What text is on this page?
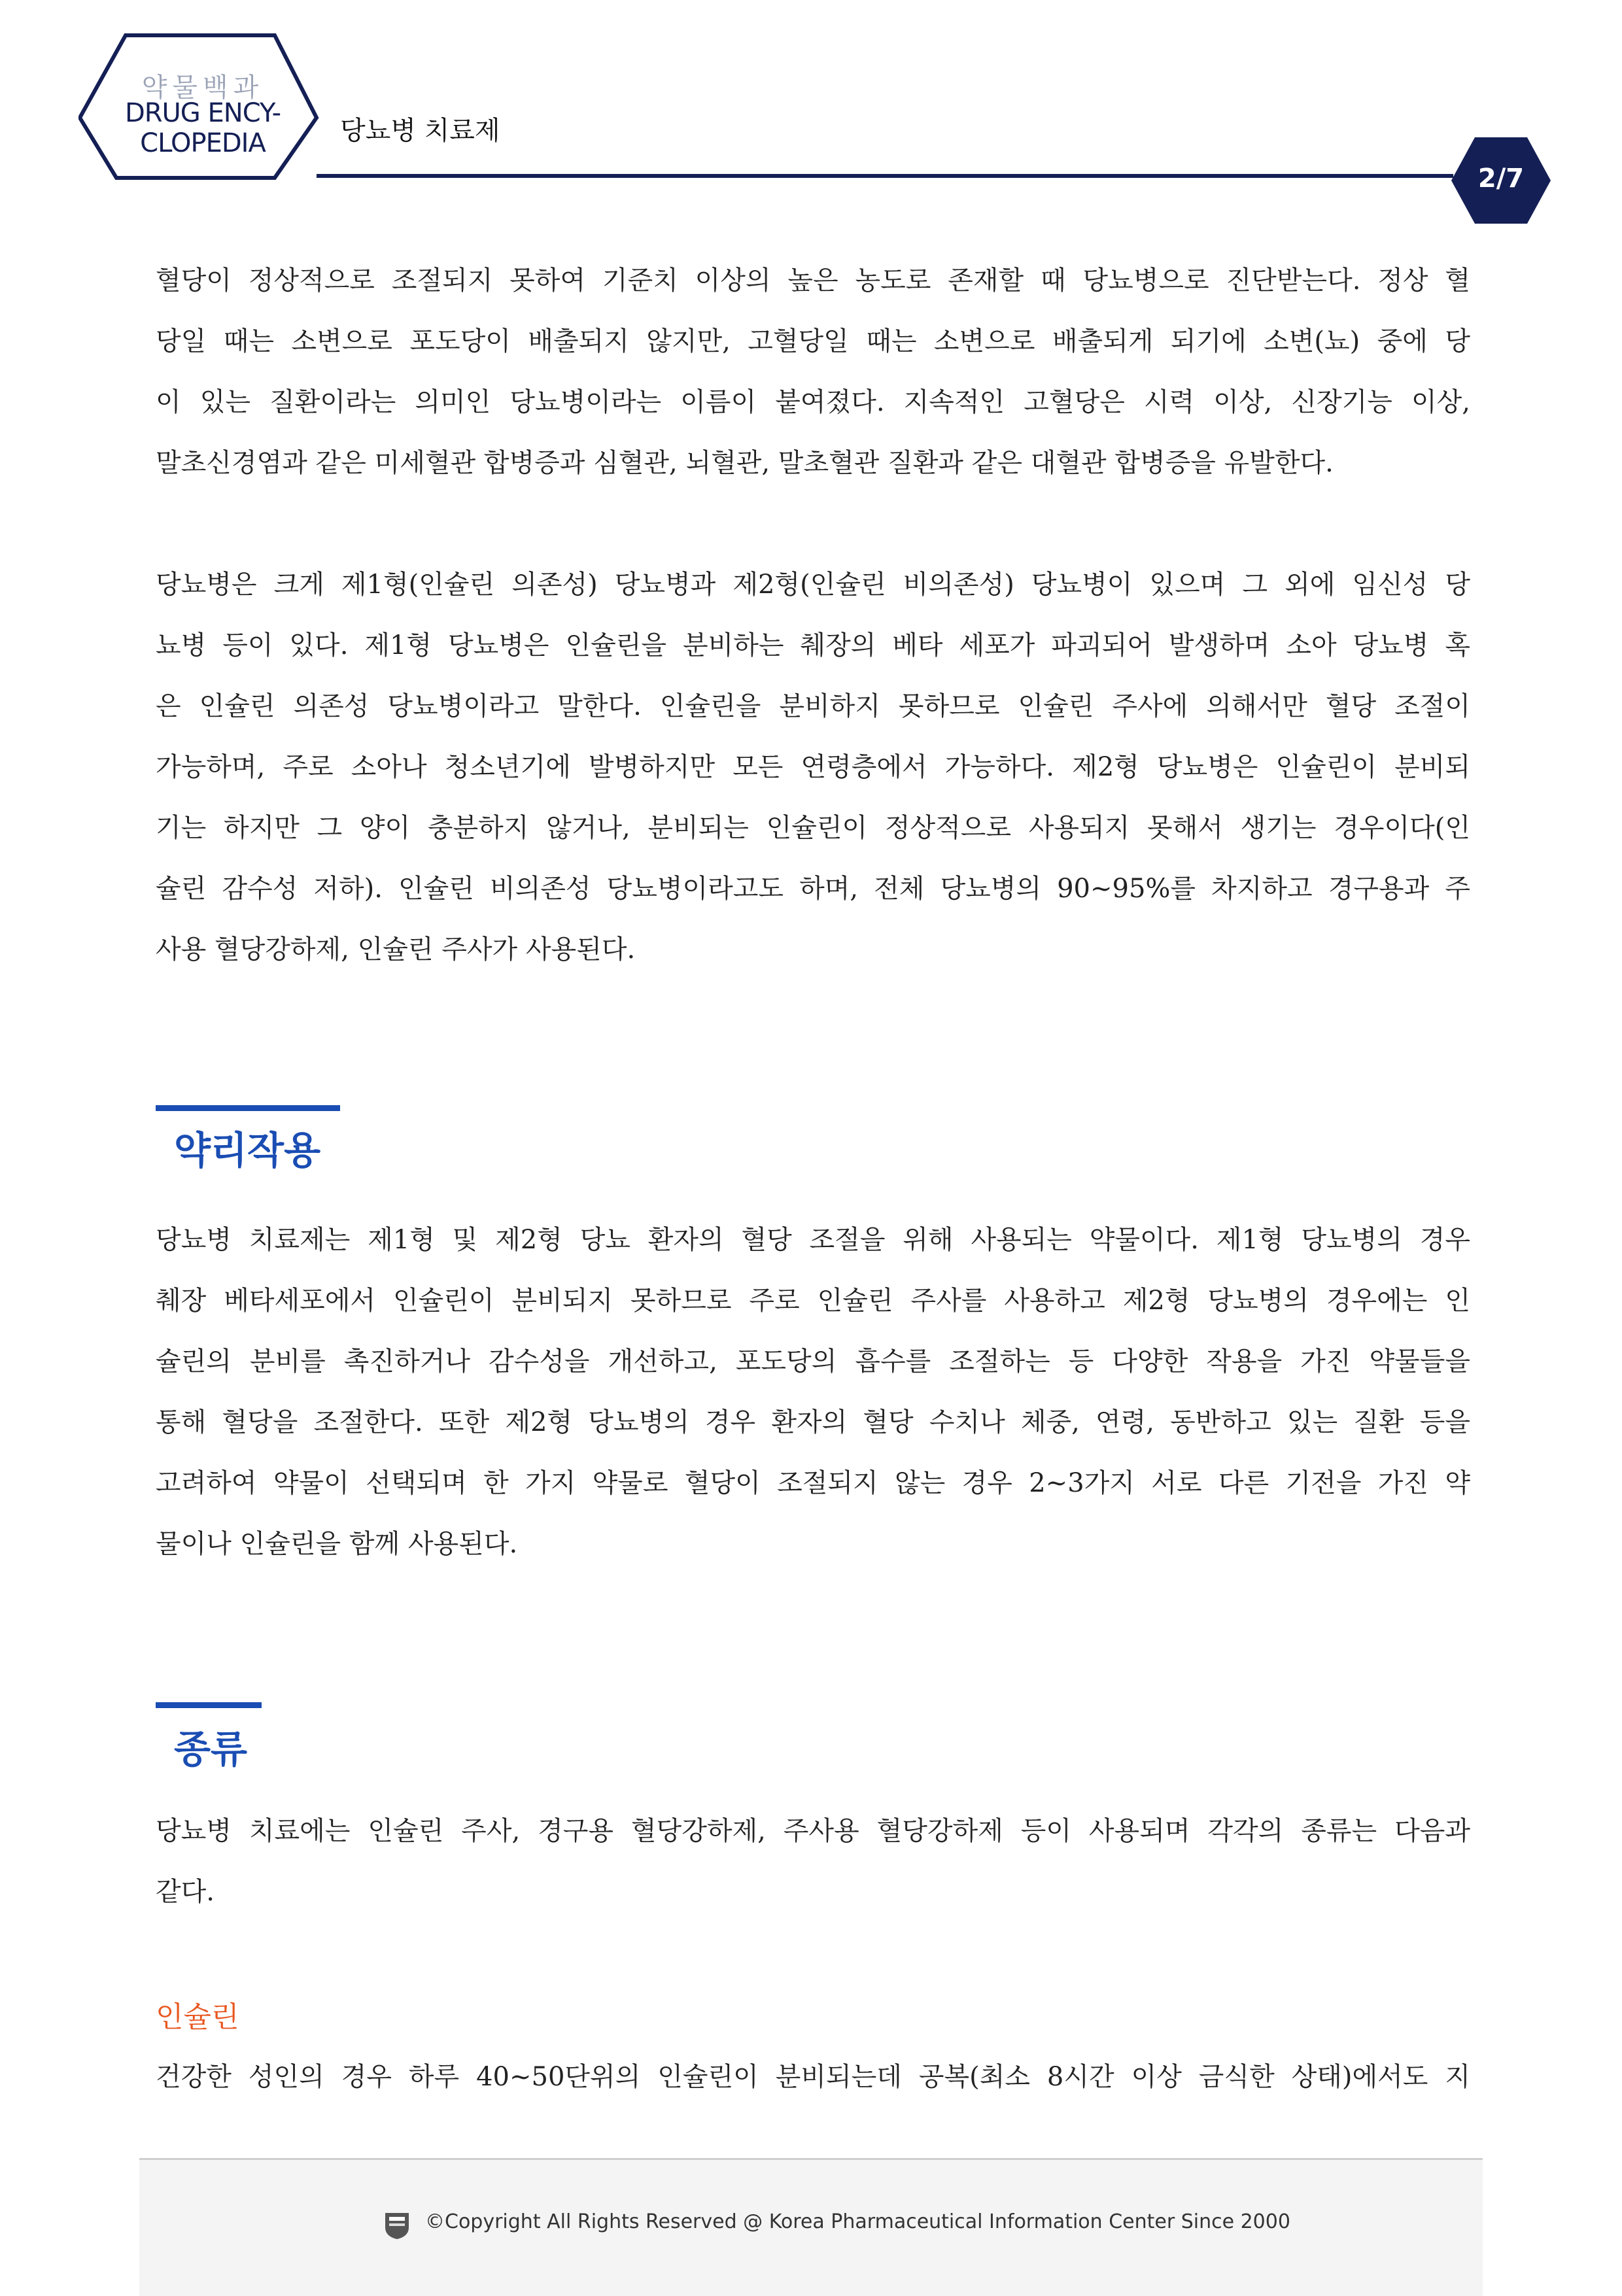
약물백과
DRUG ENCY-
CLOPEDIA	당뇨병 치료제
2/7
혈당이 정상적으로 조절되지 못하여 기준치 이상의 높은 농도로 존재할 때 당뇨병으로 진단받는다. 정상 혈
당일 때는 소변으로 포도당이 배출되지 않지만, 고혈당일 때는 소변으로 배출되게 되기에 소변(뇨) 중에 당
이 있는 질환이라는 의미인 당뇨병이라는 이름이 붙여졌다. 지속적인 고혈당은 시력 이상, 신장기능 이상,
말초신경염과 같은 미세혈관 합병증과 심혈관, 뇌혈관, 말초혈관 질환과 같은 대혈관 합병증을 유발한다.
당뇨병은 크게 제1형(인슐린 의존성) 당뇨병과 제2형(인슐린 비의존성) 당뇨병이 있으며 그 외에 임신성 당
뇨병 등이 있다. 제1형 당뇨병은 인슐린을 분비하는 췌장의 베타 세포가 파괴되어 발생하며 소아 당뇨병 혹
은 인슐린 의존성 당뇨병이라고 말한다. 인슐린을 분비하지 못하므로 인슐린 주사에 의해서만 혈당 조절이
가능하며, 주로 소아나 청소년기에 발병하지만 모든 연령층에서 가능하다. 제2형 당뇨병은 인슐린이 분비되
기는 하지만 그 양이 충분하지 않거나, 분비되는 인슐린이 정상적으로 사용되지 못해서 생기는 경우이다(인
슐린 감수성 저하). 인슐린 비의존성 당뇨병이라고도 하며, 전체 당뇨병의 90~95%를 차지하고 경구용과 주
사용 혈당강하제, 인슐린 주사가 사용된다.
약리작용
당뇨병 치료제는 제1형 및 제2형 당뇨 환자의 혈당 조절을 위해 사용되는 약물이다. 제1형 당뇨병의 경우
췌장 베타세포에서 인슐린이 분비되지 못하므로 주로 인슐린 주사를 사용하고 제2형 당뇨병의 경우에는 인
슐린의 분비를 촉진하거나 감수성을 개선하고, 포도당의 흡수를 조절하는 등 다양한 작용을 가진 약물들을
통해 혈당을 조절한다. 또한 제2형 당뇨병의 경우 환자의 혈당 수치나 체중, 연령, 동반하고 있는 질환 등을
고려하여 약물이 선택되며 한 가지 약물로 혈당이 조절되지 않는 경우 2~3가지 서로 다른 기전을 가진 약
물이나 인슐린을 함께 사용된다.
종류
당뇨병 치료에는 인슐린 주사, 경구용 혈당강하제, 주사용 혈당강하제 등이 사용되며 각각의 종류는 다음과
같다.
인슐린
건강한 성인의 경우 하루 40~50단위의 인슐린이 분비되는데 공복(최소 8시간 이상 금식한 상태)에서도 지
©Copyright All Rights Reserved @ Korea Pharmaceutical Information Center Since 2000
